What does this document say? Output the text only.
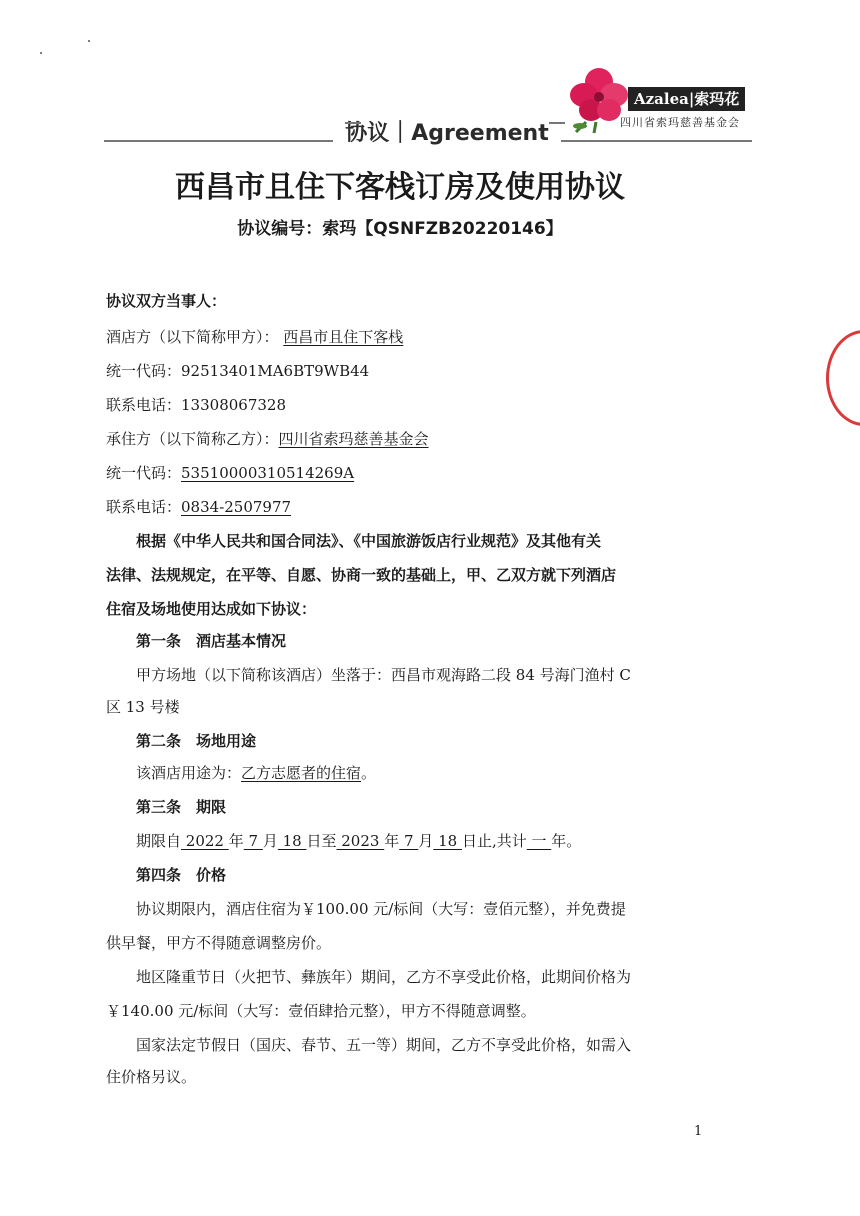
Azalea|索玛花
四川省索玛慈善基金会
协议｜Agreement
西昌市且住下客栈订房及使用协议
协议编号：索玛【QSNFZB20220146】
协议双方当事人：
酒店方（以下简称甲方）： 西昌市且住下客栈
统一代码：92513401MA6BT9WB44
联系电话：13308067328
承住方（以下简称乙方）：四川省索玛慈善基金会
统一代码：53510000310514269A
联系电话：0834-2507977
根据《中华人民共和国合同法》、《中国旅游饭店行业规范》及其他有关
法律、法规规定，在平等、自愿、协商一致的基础上，甲、乙双方就下列酒店
住宿及场地使用达成如下协议：
第一条　酒店基本情况
甲方场地（以下简称该酒店）坐落于：西昌市观海路二段 84 号海门渔村 C
区 13 号楼
第二条　场地用途
该酒店用途为：乙方志愿者的住宿。
第三条　期限
期限自 2022 年 7 月 18 日至 2023 年 7 月 18 日止,共计 一 年。
第四条　价格
协议期限内，酒店住宿为￥100.00 元/标间（大写：壹佰元整），并免费提
供早餐，甲方不得随意调整房价。
地区隆重节日（火把节、彝族年）期间，乙方不享受此价格，此期间价格为
￥140.00 元/标间（大写：壹佰肆拾元整），甲方不得随意调整。
国家法定节假日（国庆、春节、五一等）期间，乙方不享受此价格，如需入
住价格另议。
1
